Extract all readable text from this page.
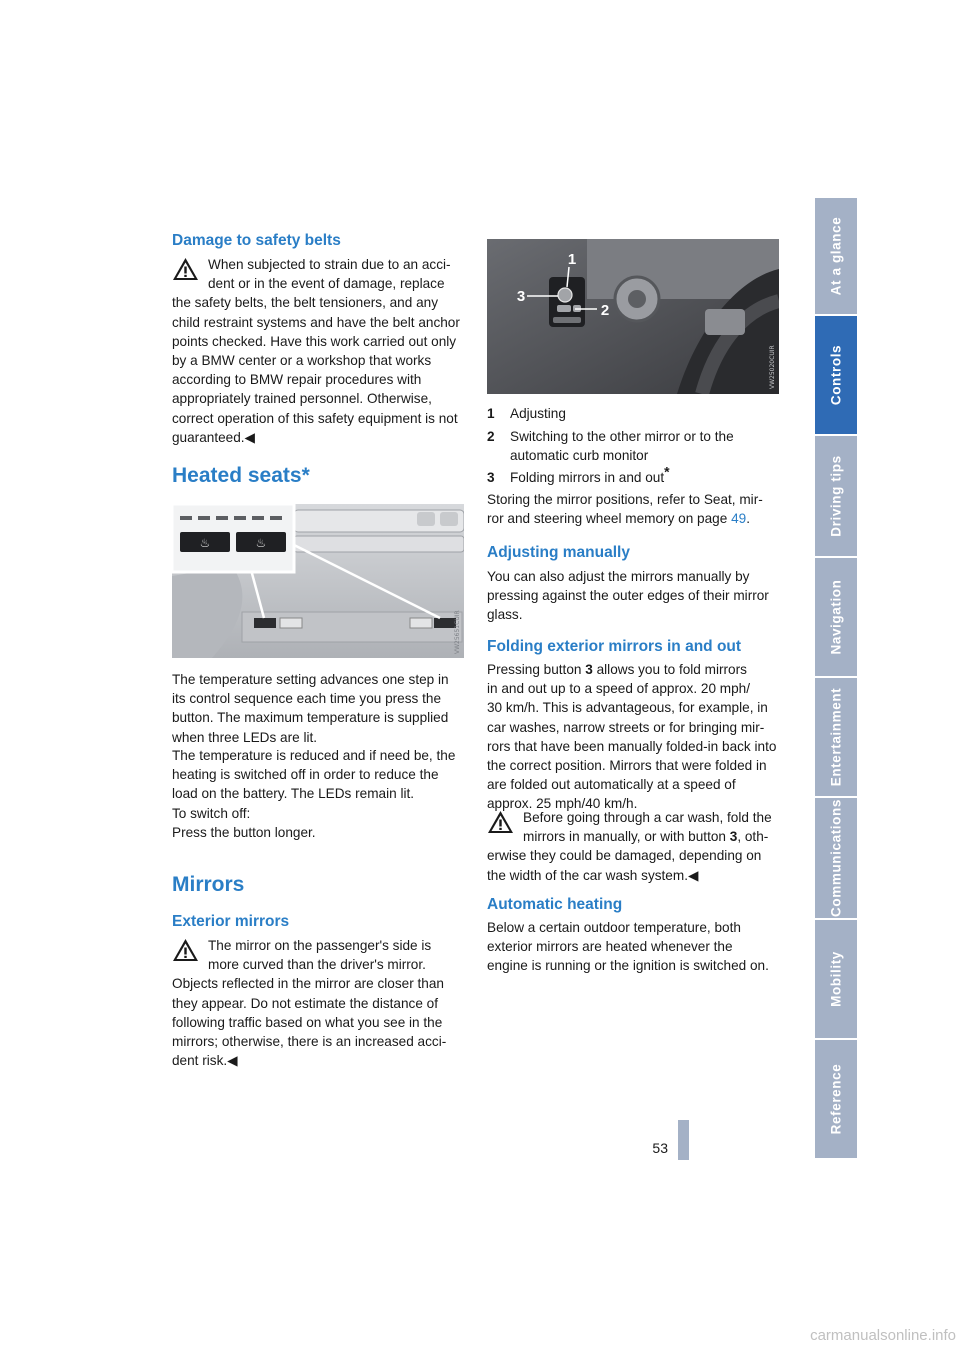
Damage to safety belts
When subjected to strain due to an acci-
dent or in the event of damage, replace
the safety belts, the belt tensioners, and any
child restraint systems and have the belt anchor
points checked. Have this work carried out only
by a BMW center or a workshop that works
according to BMW repair procedures with
appropriately trained personnel. Otherwise,
correct operation of this safety equipment is not
guaranteed.◀
Heated seats*
♨	♨
VW25651CUIR
The temperature setting advances one step in
its control sequence each time you press the
button. The maximum temperature is supplied
when three LEDs are lit.
The temperature is reduced and if need be, the
heating is switched off in order to reduce the
load on the battery. The LEDs remain lit.
To switch off:
Press the button longer.
Mirrors
Exterior mirrors
The mirror on the passenger's side is
more curved than the driver's mirror.
Objects reflected in the mirror are closer than
they appear. Do not estimate the distance of
following traffic based on what you see in the
mirrors; otherwise, there is an increased acci-
dent risk.◀
1
2
3
VW25020CUIR
1 Adjusting
2 Switching to the other mirror or to the
automatic curb monitor
3 Folding mirrors in and out*
Storing the mirror positions, refer to Seat, mir-
ror and steering wheel memory on page 49.
Adjusting manually
You can also adjust the mirrors manually by
pressing against the outer edges of their mirror
glass.
Folding exterior mirrors in and out
Pressing button 3 allows you to fold mirrors
in and out up to a speed of approx. 20 mph/
30 km/h. This is advantageous, for example, in
car washes, narrow streets or for bringing mir-
rors that have been manually folded-in back into
the correct position. Mirrors that were folded in
are folded out automatically at a speed of
approx. 25 mph/40 km/h.
Before going through a car wash, fold the
mirrors in manually, or with button 3, oth-
erwise they could be damaged, depending on
the width of the car wash system.◀
Automatic heating
Below a certain outdoor temperature, both
exterior mirrors are heated whenever the
engine is running or the ignition is switched on.
At a glance
Controls
Driving tips
Navigation
Entertainment
Communications
Mobility
Reference
53
carmanualsonline.info
